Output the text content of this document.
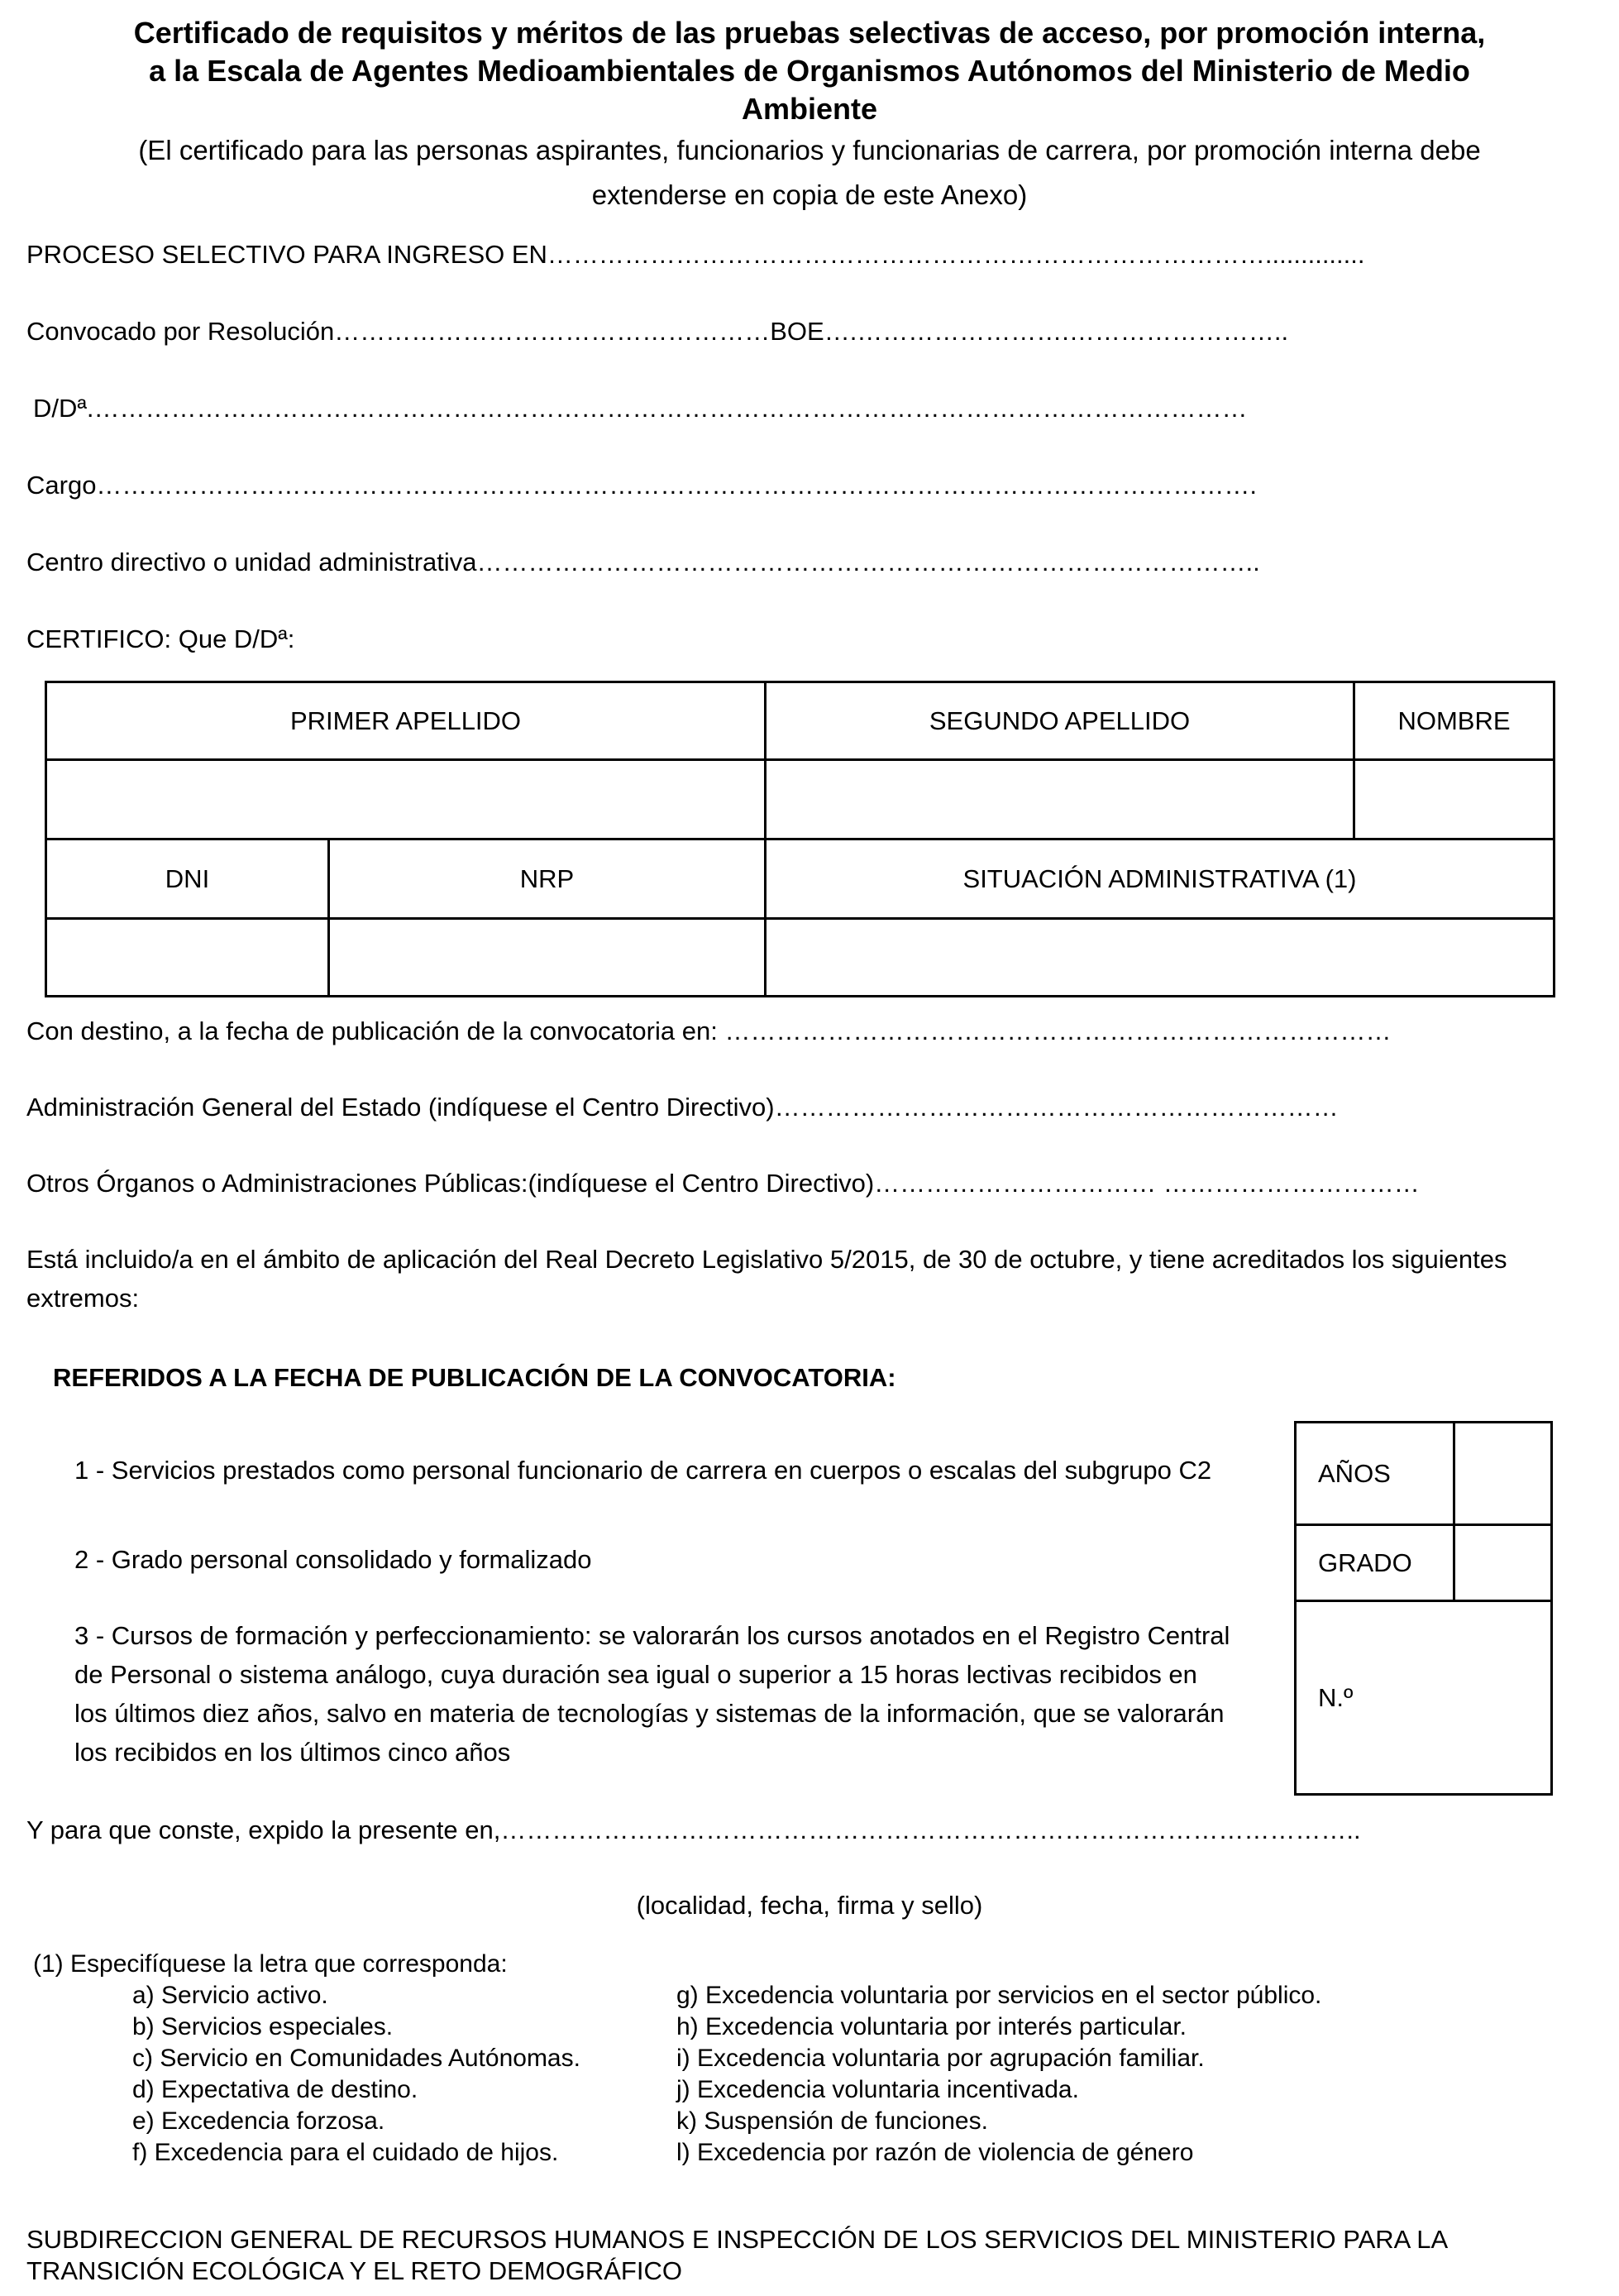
Certificado de requisitos y méritos de las pruebas selectivas de acceso, por promoción interna,
a la Escala de Agentes Medioambientales de Organismos Autónomos del Ministerio de Medio
Ambiente
(El certificado para las personas aspirantes, funcionarios y funcionarias de carrera, por promoción interna debe
extenderse en copia de este Anexo)
PROCESO SELECTIVO PARA INGRESO EN…………………………………………………………………………..............
Convocado por Resolución……………………………………………BOE….…………………….……………………..
D/Dª.………………………………………………………………………………………………………………………
Cargo……………………………………………………………………………………………………………………….
Centro directivo o unidad administrativa………………………………………………………………………………..
CERTIFICO: Que D/Dª:
PRIMER APELLIDO		SEGUNDO APELLIDO	NOMBRE

DNI	NRP	SITUACIÓN ADMINISTRATIVA (1)	

Con destino, a la fecha de publicación de la convocatoria en: ……………………………………………………………………
Administración General del Estado (indíquese el Centro Directivo)…………………………………………………………
Otros Órganos o Administraciones Públicas:(indíquese el Centro Directivo)…………………………… …………………………
Está incluido/a en el ámbito de aplicación del Real Decreto Legislativo 5/2015, de 30 de octubre, y tiene acreditados los siguientes
extremos:
REFERIDOS A LA FECHA DE PUBLICACIÓN DE LA CONVOCATORIA:
1 - Servicios prestados como personal funcionario de carrera en cuerpos o escalas del subgrupo C2
2 - Grado personal consolidado y formalizado
3 - Cursos de formación y perfeccionamiento: se valorarán los cursos anotados en el Registro Central
de Personal o sistema análogo, cuya duración sea igual o superior a 15 horas lectivas recibidos en
los últimos diez años, salvo en materia de tecnologías y sistemas de la información, que se valorarán
los recibidos en los últimos cinco años
AÑOS	
GRADO	
N.º	
Y para que conste, expido la presente en,………………………………………………………………………………………..
(localidad, fecha, firma y sello)
(1) Especifíquese la letra que corresponda:
a) Servicio activo.
b) Servicios especiales.
c) Servicio en Comunidades Autónomas.
d) Expectativa de destino.
e) Excedencia forzosa.
f) Excedencia para el cuidado de hijos.
g) Excedencia voluntaria por servicios en el sector público.
h) Excedencia voluntaria por interés particular.
i) Excedencia voluntaria por agrupación familiar.
j) Excedencia voluntaria incentivada.
k) Suspensión de funciones.
l) Excedencia por razón de violencia de género
SUBDIRECCION GENERAL DE RECURSOS HUMANOS E INSPECCIÓN DE LOS SERVICIOS DEL MINISTERIO PARA LA
TRANSICIÓN ECOLÓGICA Y EL RETO DEMOGRÁFICO
